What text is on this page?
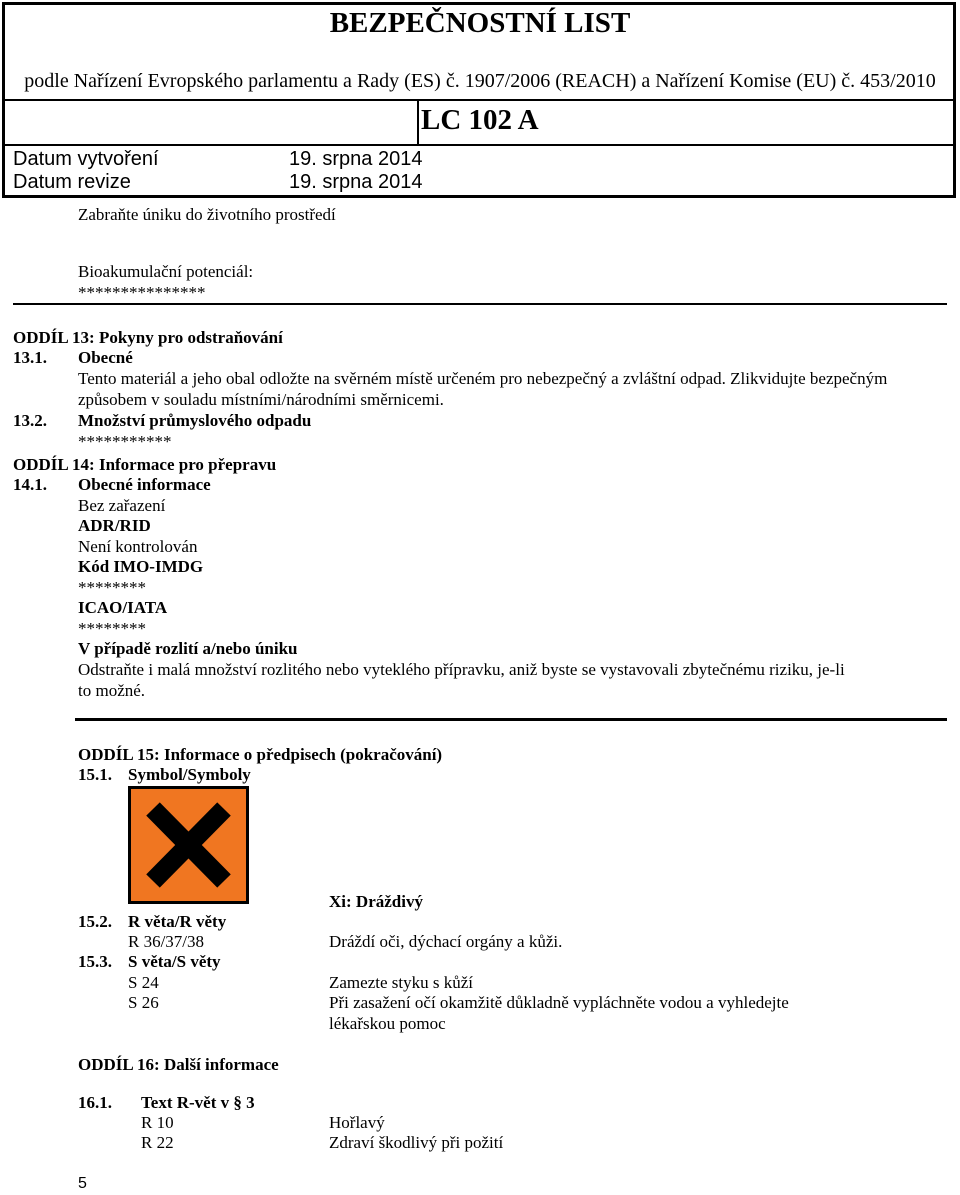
BEZPEČNOSTNÍ LIST
podle Nařízení Evropského parlamentu a Rady (ES) č. 1907/2006 (REACH) a Nařízení Komise (EU) č. 453/2010
LC 102 A
Datum vytvoření	19. srpna 2014
Datum revize	19. srpna 2014
Zabraňte úniku do životního prostředí
Bioakumulační potenciál:
***************
ODDÍL 13: Pokyny pro odstraňování
13.1. Obecné
Tento materiál a jeho obal odložte na svěrném místě určeném pro nebezpečný a zvláštní odpad. Zlikvidujte bezpečným
způsobem v souladu místními/národními směrnicemi.
13.2. Množství průmyslového odpadu
***********
ODDÍL 14: Informace pro přepravu
14.1. Obecné informace
Bez zařazení
ADR/RID
Není kontrolován
Kód IMO-IMDG
********
ICAO/IATA
********
V případě rozlití a/nebo úniku
Odstraňte i malá množství rozlitého nebo vyteklého přípravku, aniž byste se vystavovali zbytečnému riziku, je-li
to možné.
ODDÍL 15: Informace o předpisech (pokračování)
15.1. Symbol/Symboly
Xi: Dráždivý
15.2. R věta/R věty
R 36/37/38	Dráždí oči, dýchací orgány a kůži.
15.3. S věta/S věty
S 24	Zamezte styku s kůží
S 26	Při zasažení očí okamžitě důkladně vypláchněte vodou a vyhledejte
lékařskou pomoc
ODDÍL 16: Další informace
16.1. Text R-vět v § 3
R 10	Hořlavý
R 22	Zdraví škodlivý při požití
5
